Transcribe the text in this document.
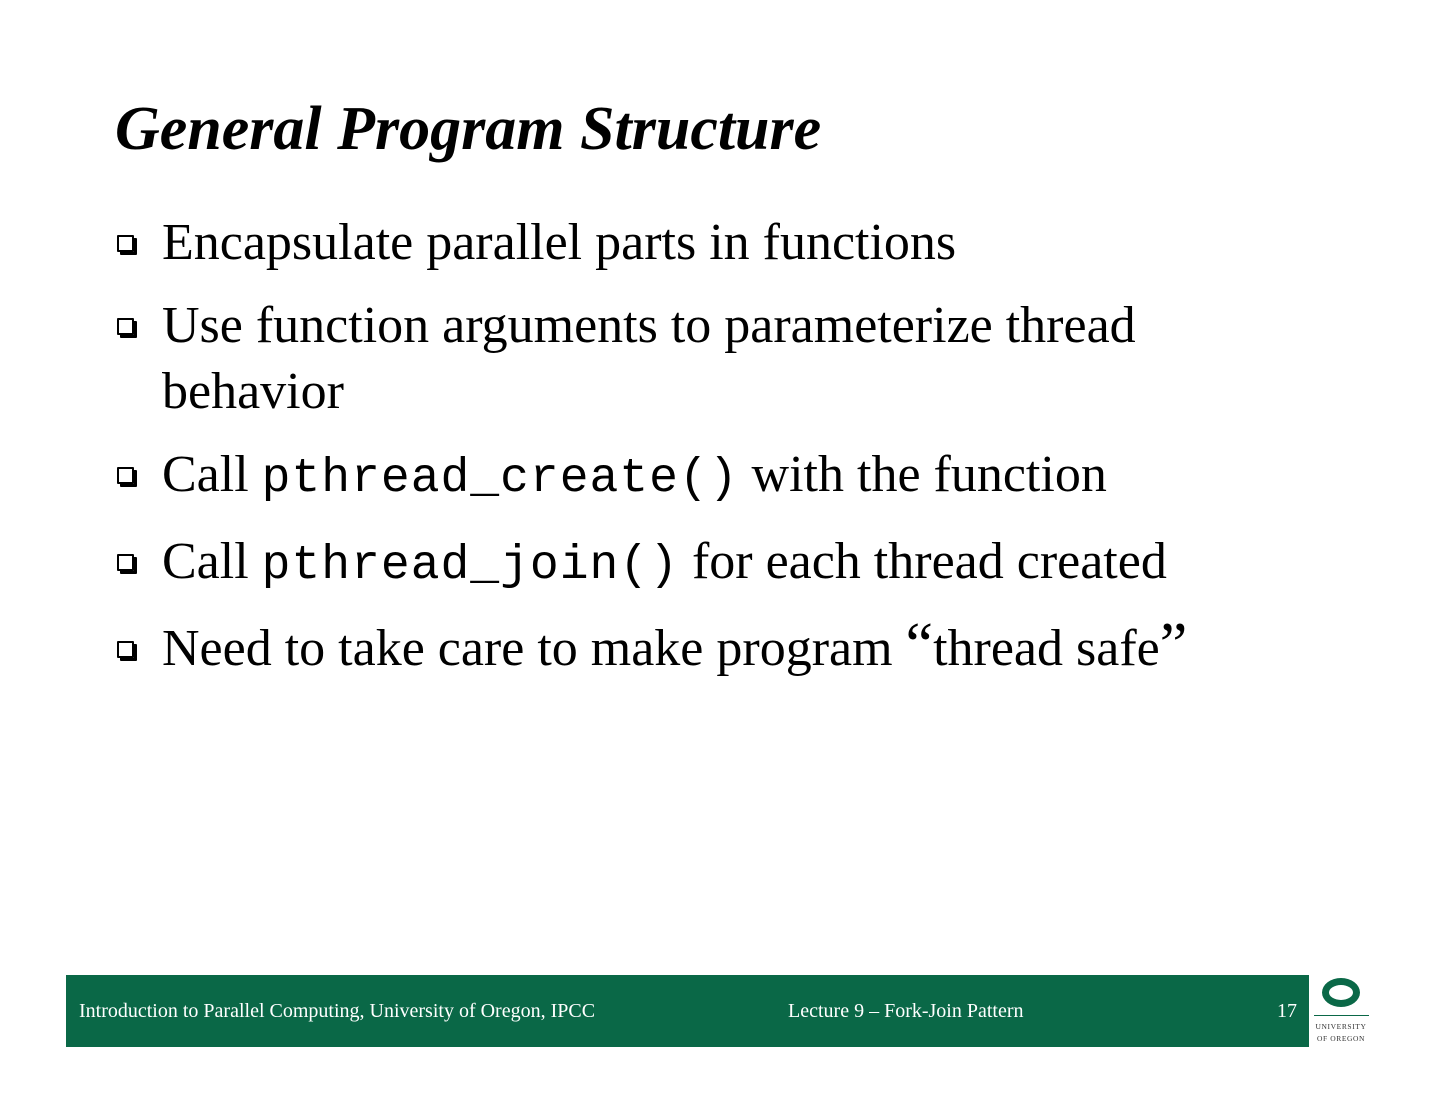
General Program Structure
Encapsulate parallel parts in functions
Use function arguments to parameterize thread
behavior
Call pthread_create() with the function
Call pthread_join() for each thread created
Need to take care to make program “thread safe”
Introduction to Parallel Computing, University of Oregon, IPCC	Lecture 9 – Fork-Join Pattern	17
UNIVERSITY
OF OREGON
